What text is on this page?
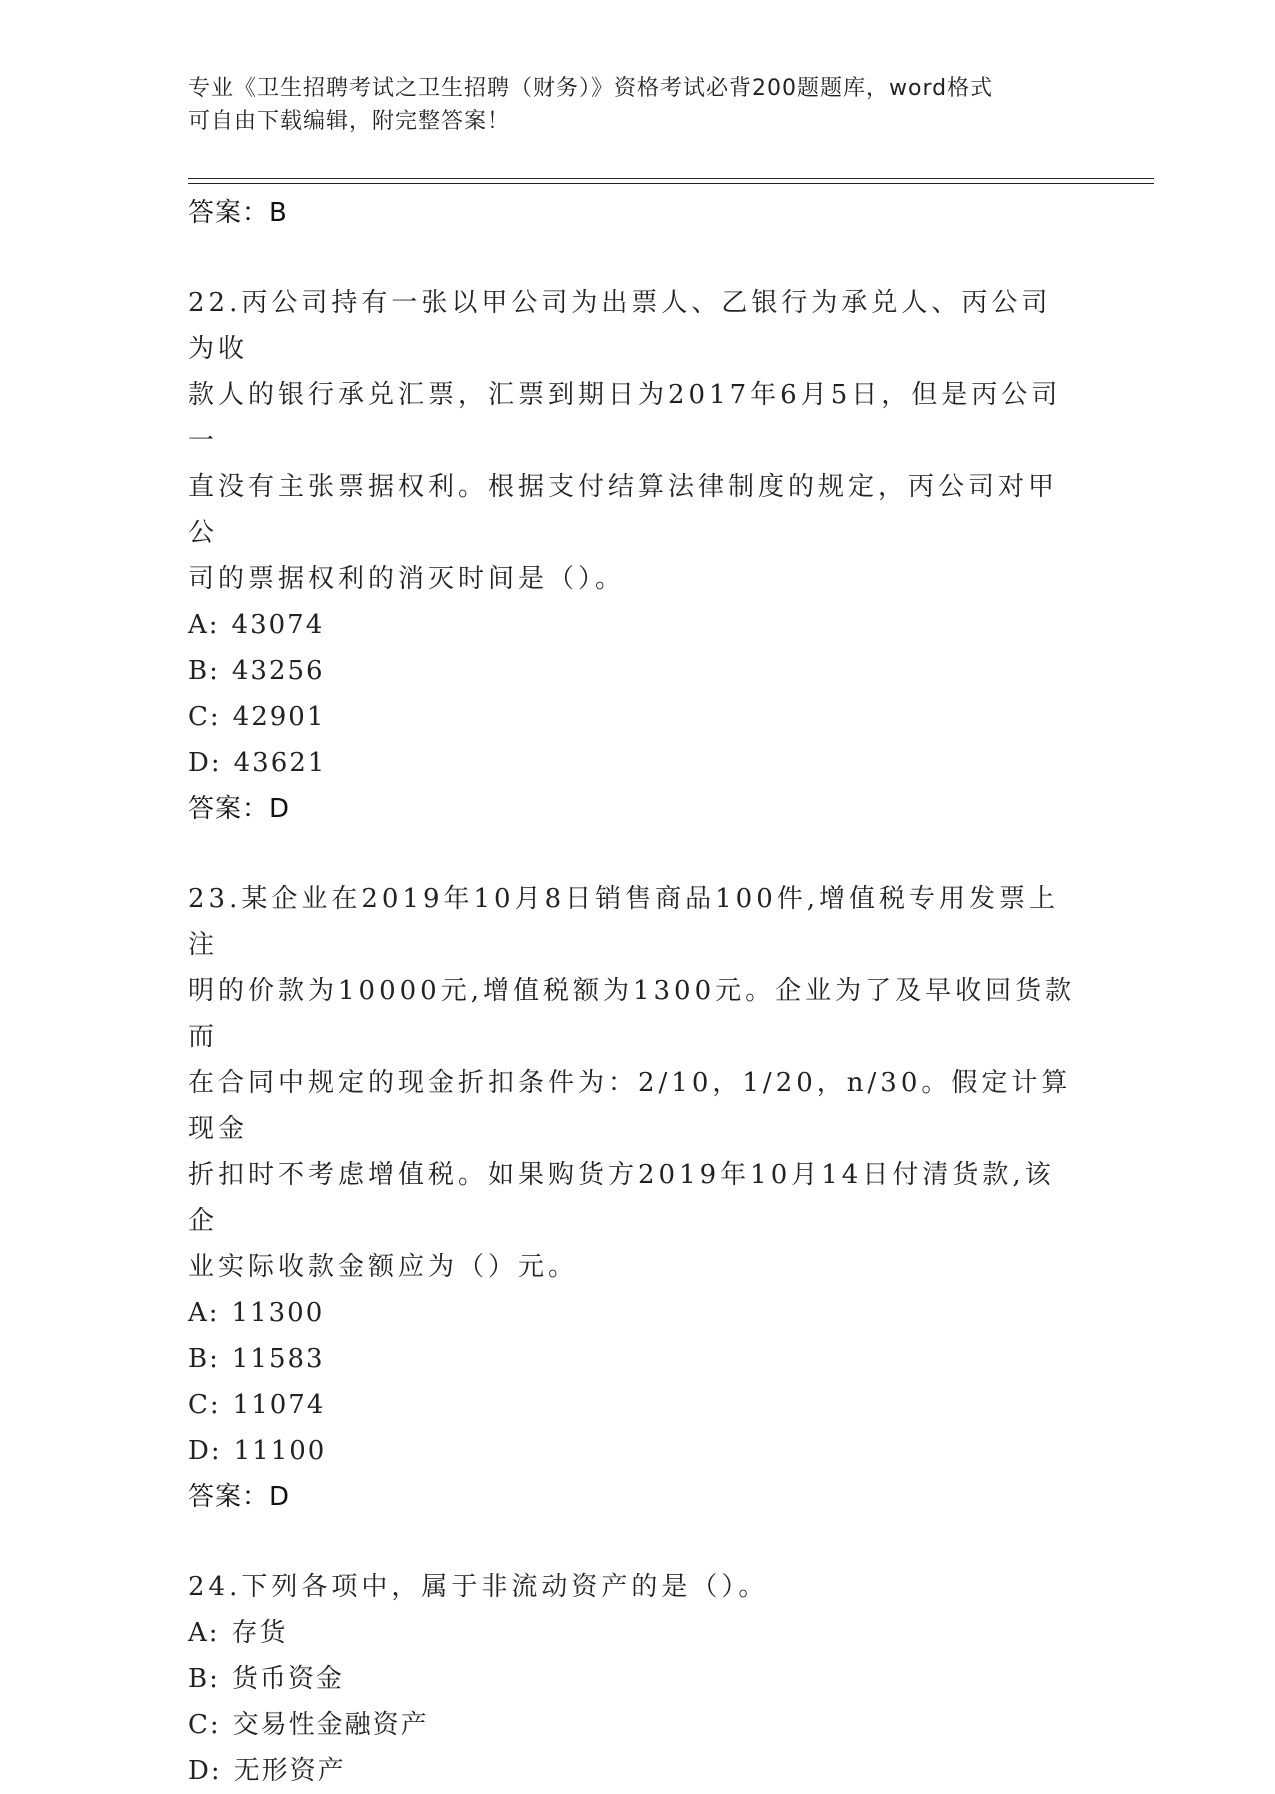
专业《卫生招聘考试之卫生招聘（财务）》资格考试必背200题题库，word格式
可自由下载编辑，附完整答案！
答案：B
22.丙公司持有一张以甲公司为出票人、乙银行为承兑人、丙公司为收
款人的银行承兑汇票，汇票到期日为2017年6月5日，但是丙公司一
直没有主张票据权利。根据支付结算法律制度的规定，丙公司对甲公
司的票据权利的消灭时间是（）。
A: 43074
B: 43256
C: 42901
D: 43621
答案：D
23.某企业在2019年10月8日销售商品100件,增值税专用发票上注
明的价款为10000元,增值税额为1300元。企业为了及早收回货款而
在合同中规定的现金折扣条件为：2/10，1/20，n/30。假定计算现金
折扣时不考虑增值税。如果购货方2019年10月14日付清货款,该企
业实际收款金额应为（）元。
A: 11300
B: 11583
C: 11074
D: 11100
答案：D
24.下列各项中，属于非流动资产的是（）。
A: 存货
B: 货币资金
C: 交易性金融资产
D: 无形资产
